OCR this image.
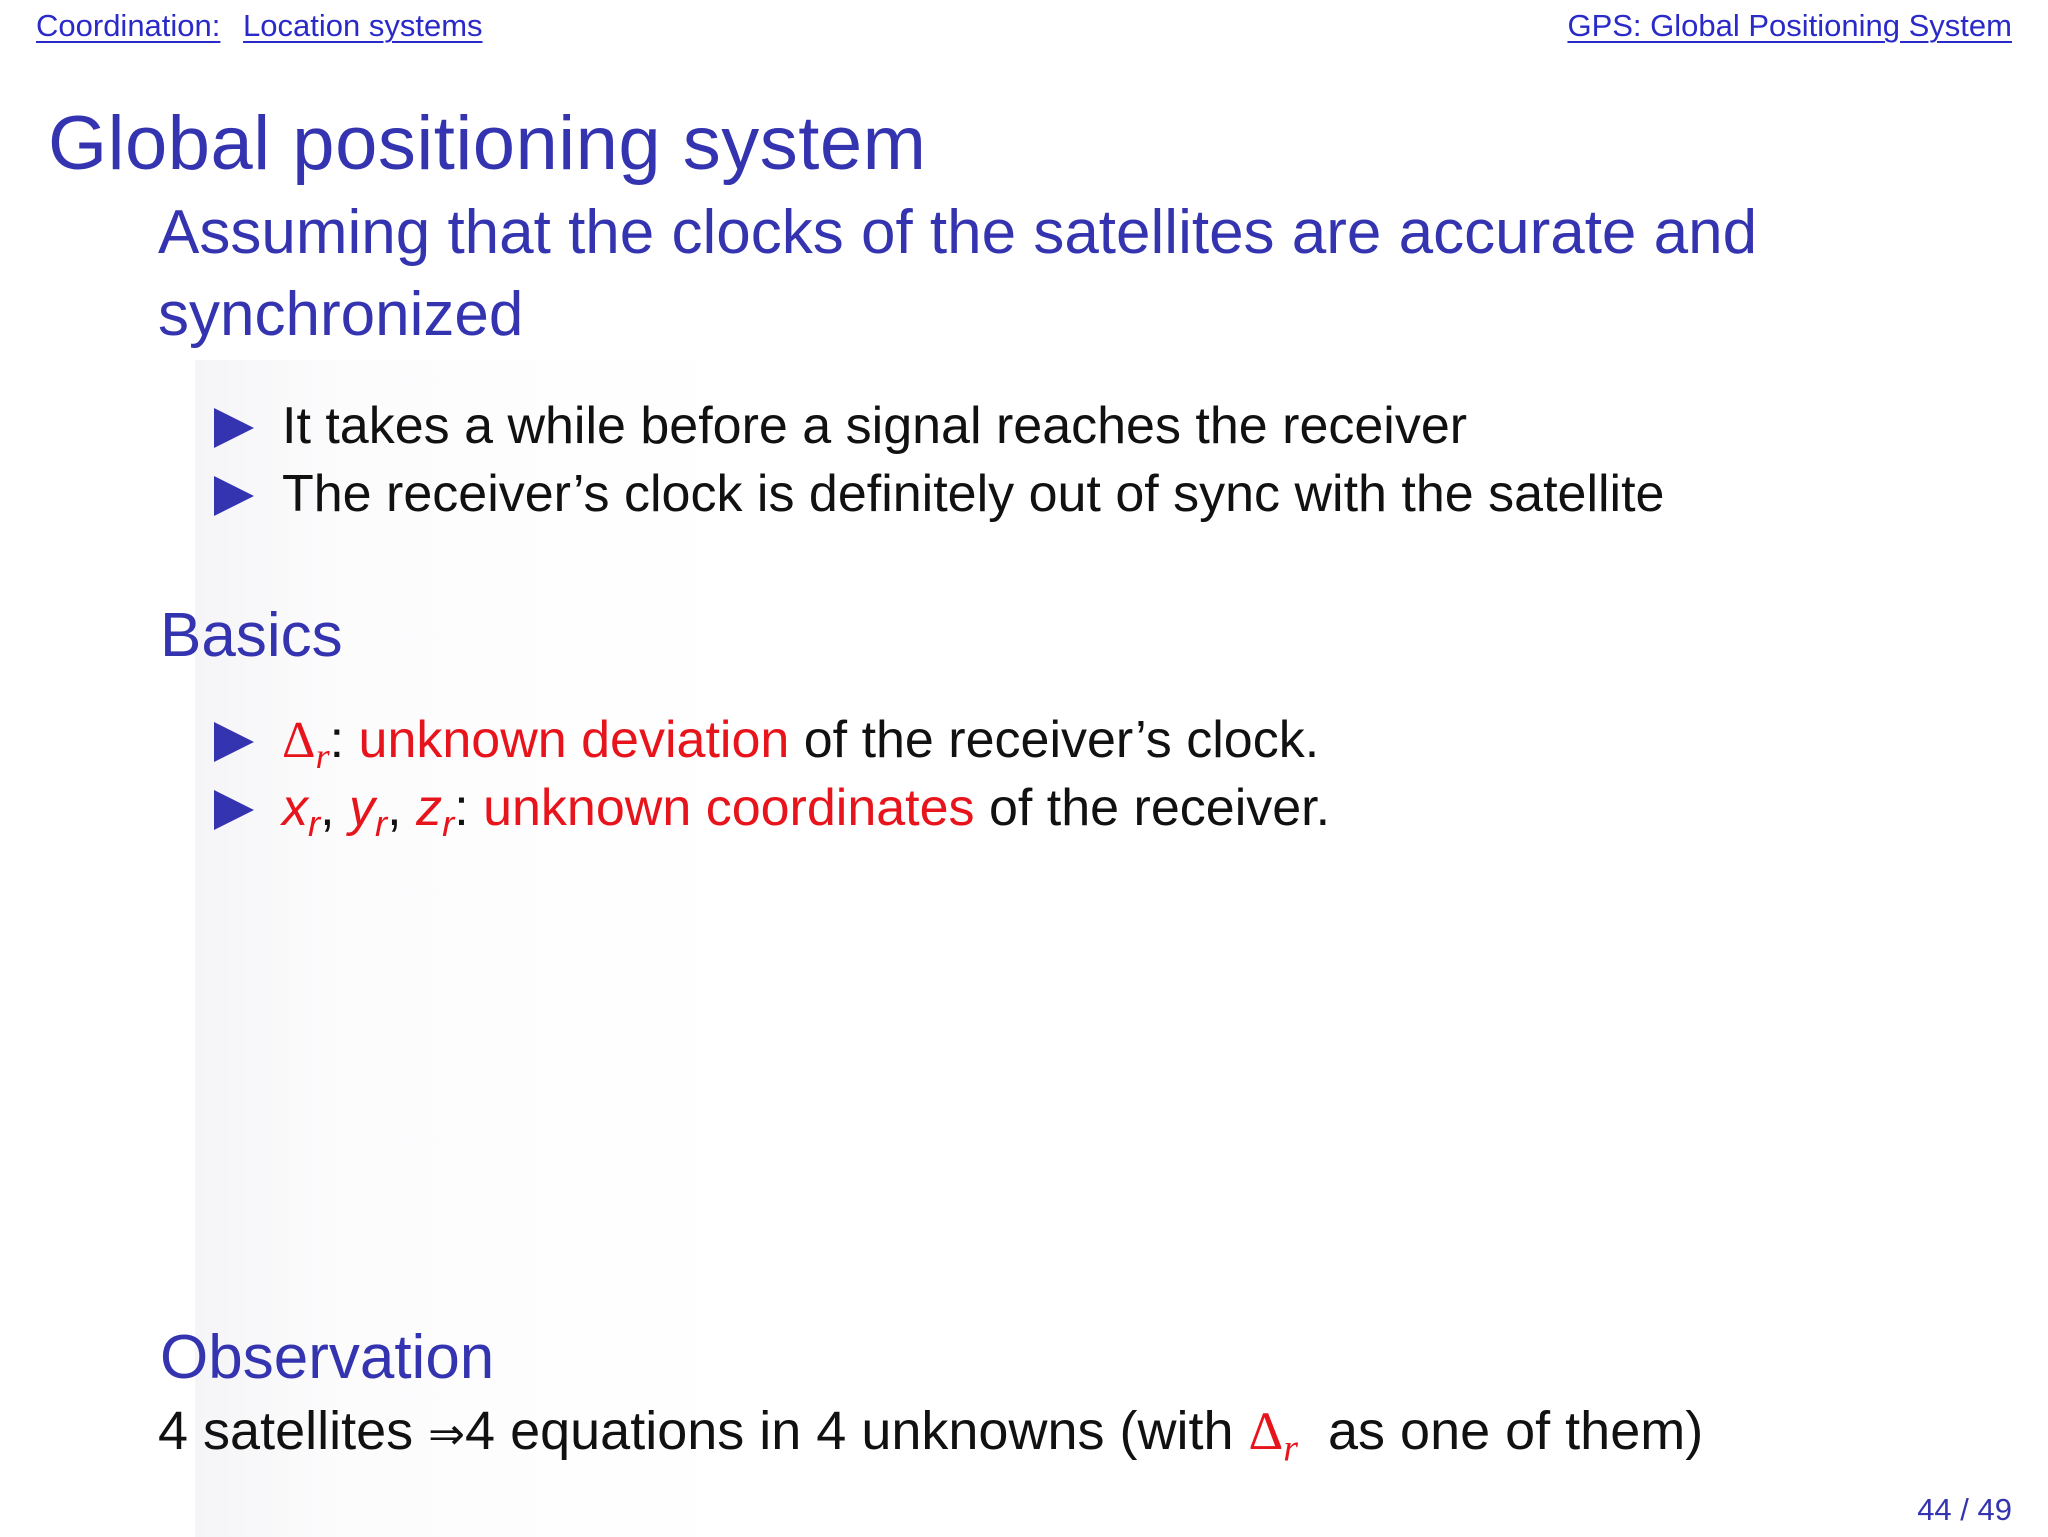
Coordination: Location systems	GPS: Global Positioning System
Global positioning system
Assuming that the clocks of the satellites are accurate and synchronized
It takes a while before a signal reaches the receiver
The receiver’s clock is definitely out of sync with the satellite
Basics
$\Delta_r$: unknown deviation of the receiver’s clock.
$x_r$, $y_r$, $z_r$: unknown coordinates of the receiver.
Observation
4 satellites ⇒4 equations in 4 unknowns (with $\Delta_r$ as one of them)
44 / 49
